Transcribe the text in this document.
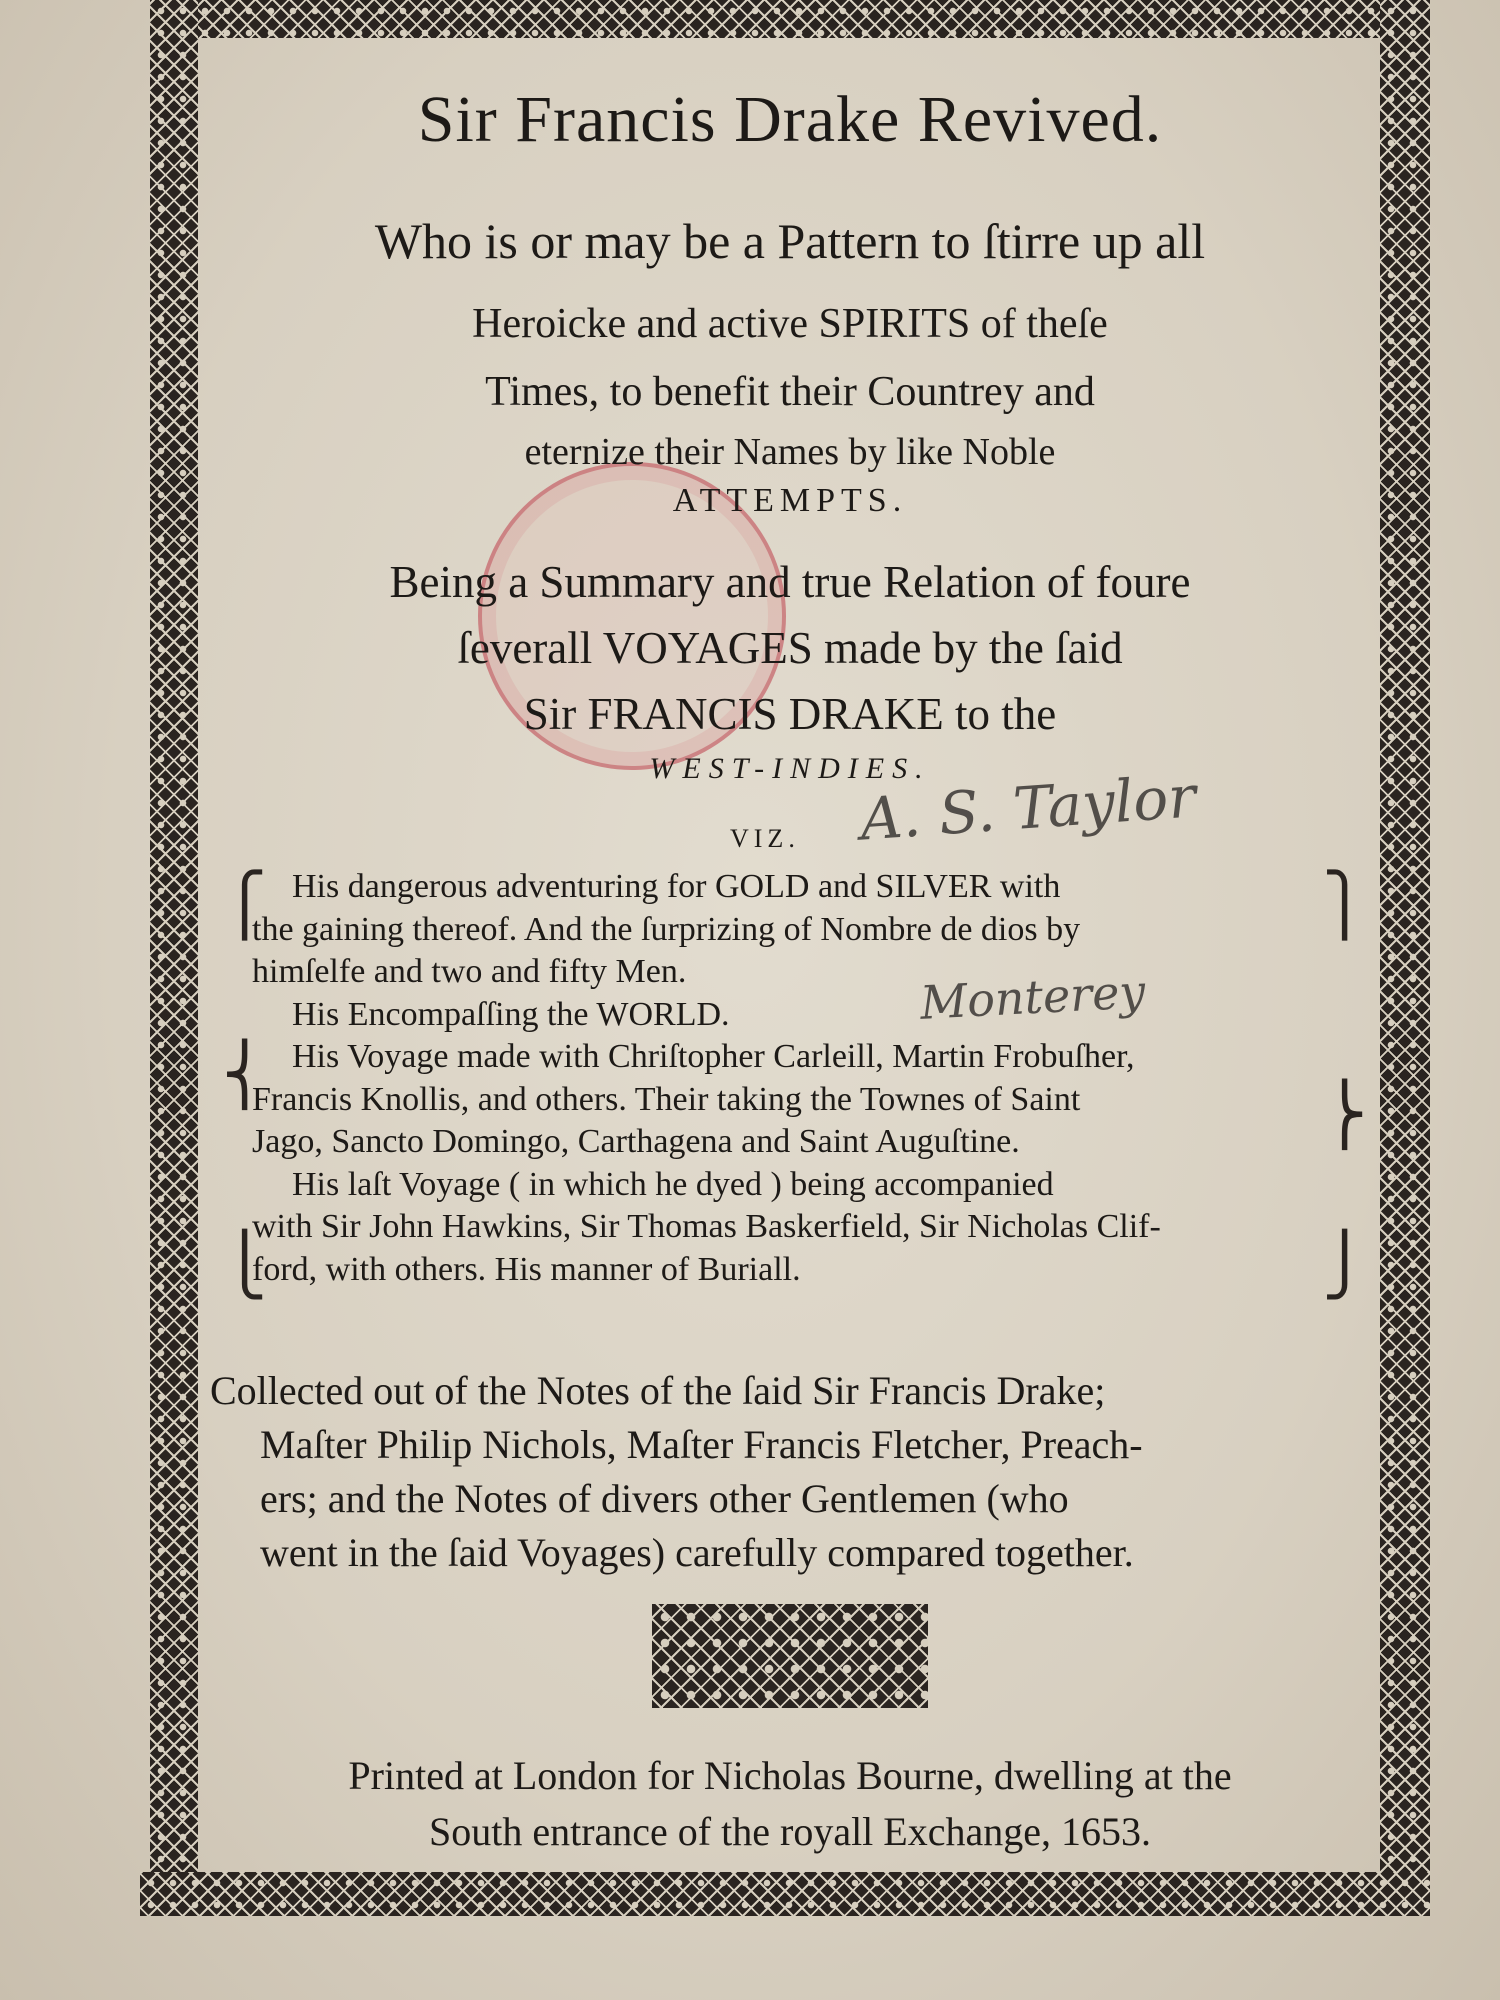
Sir Francis Drake Revived.
Who is or may be a Pattern to ſtirre up all
Heroicke and active SPIRITS of theſe
Times, to benefit their Countrey and
eternize their Names by like Noble
ATTEMPTS.
Being a Summary and true Relation of foure
ſeverall VOYAGES made by the ſaid
Sir FRANCIS DRAKE to the
WEST-INDIES.
VIZ. A. S. Taylor
⎧
⎨
⎩
⎫
⎬
⎭
His dangerous adventuring for GOLD and SILVER with
the gaining thereof. And the ſurprizing of Nombre de dios by
himſelfe and two and fifty Men.
His Encompaſſing the WORLD.
His Voyage made with Chriſtopher Carleill, Martin Frobuſher,
Francis Knollis, and others. Their taking the Townes of Saint
Jago, Sancto Domingo, Carthagena and Saint Auguſtine.
His laſt Voyage ( in which he dyed ) being accompanied
with Sir John Hawkins, Sir Thomas Baskerfield, Sir Nicholas Clif-
ford, with others. His manner of Buriall.
Monterey
Collected out of the Notes of the ſaid Sir Francis Drake;
Maſter Philip Nichols, Maſter Francis Fletcher, Preach-
ers; and the Notes of divers other Gentlemen (who
went in the ſaid Voyages) carefully compared together.
Printed at London for Nicholas Bourne, dwelling at the
South entrance of the royall Exchange, 1653.
